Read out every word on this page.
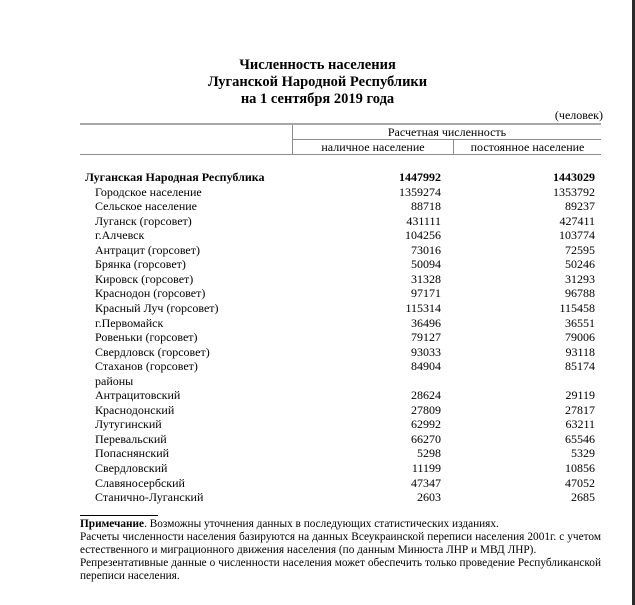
Численность населения
Луганской Народной Республики
на 1 сентября 2019 года
(человек)
Расчетная численность
наличное население	постоянное население
Луганская Народная Республика	1447992	1443029
Городское население	1359274	1353792
Сельское население	88718	89237
Луганск (горсовет)	431111	427411
г.Алчевск	104256	103774
Антрацит (горсовет)	73016	72595
Брянка (горсовет)	50094	50246
Кировск (горсовет)	31328	31293
Краснодон (горсовет)	97171	96788
Красный Луч (горсовет)	115314	115458
г.Первомайск	36496	36551
Ровеньки (горсовет)	79127	79006
Свердловск (горсовет)	93033	93118
Стаханов (горсовет)	84904	85174
районы
Антрацитовский	28624	29119
Краснодонский	27809	27817
Лутугинский	62992	63211
Перевальский	66270	65546
Попаснянский	5298	5329
Свердловский	11199	10856
Славяносербский	47347	47052
Станично-Луганский	2603	2685

Примечание. Возможны уточнения данных в последующих статистических изданиях.

Расчеты численности населения базируются на данных Всеукраинской переписи населения 2001г. с учетом естественного и миграционного движения населения (по данным Минюста ЛНР и МВД ЛНР).

Репрезентативные данные о численности населения может обеспечить только проведение Республиканской переписи населения.
